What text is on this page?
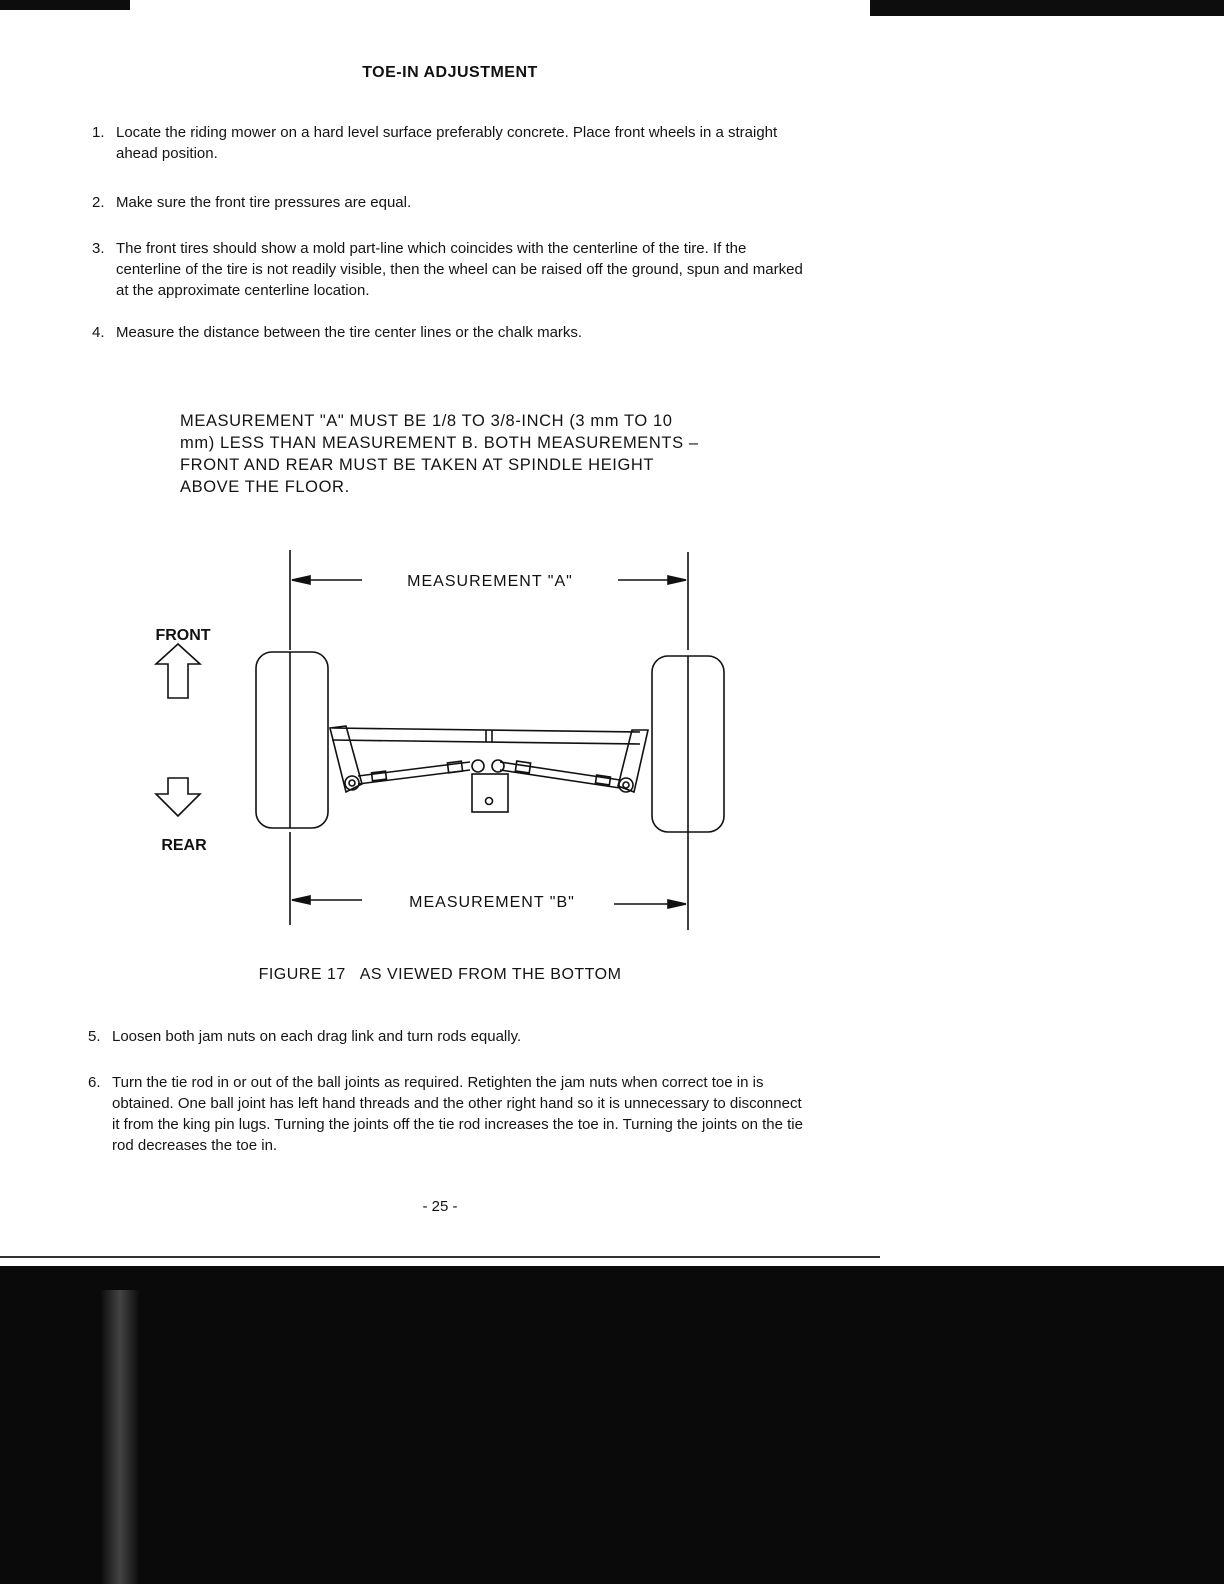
TOE-IN ADJUSTMENT
1. Locate the riding mower on a hard level surface preferably concrete. Place front wheels in a straight ahead position.
2. Make sure the front tire pressures are equal.
3. The front tires should show a mold part-line which coincides with the centerline of the tire. If the centerline of the tire is not readily visible, then the wheel can be raised off the ground, spun and marked at the approximate centerline location.
4. Measure the distance between the tire center lines or the chalk marks.
MEASUREMENT "A" MUST BE 1/8 TO 3/8-INCH (3 mm TO 10 mm) LESS THAN MEASUREMENT B. BOTH MEASUREMENTS – FRONT AND REAR MUST BE TAKEN AT SPINDLE HEIGHT ABOVE THE FLOOR.
MEASUREMENT "A"
MEASUREMENT "B"
FRONT
REAR
FIGURE 17   AS VIEWED FROM THE BOTTOM
5. Loosen both jam nuts on each drag link and turn rods equally.
6. Turn the tie rod in or out of the ball joints as required. Retighten the jam nuts when correct toe in is obtained. One ball joint has left hand threads and the other right hand so it is unnecessary to disconnect it from the king pin lugs. Turning the joints off the tie rod increases the toe in. Turning the joints on the tie rod decreases the toe in.
- 25 -
